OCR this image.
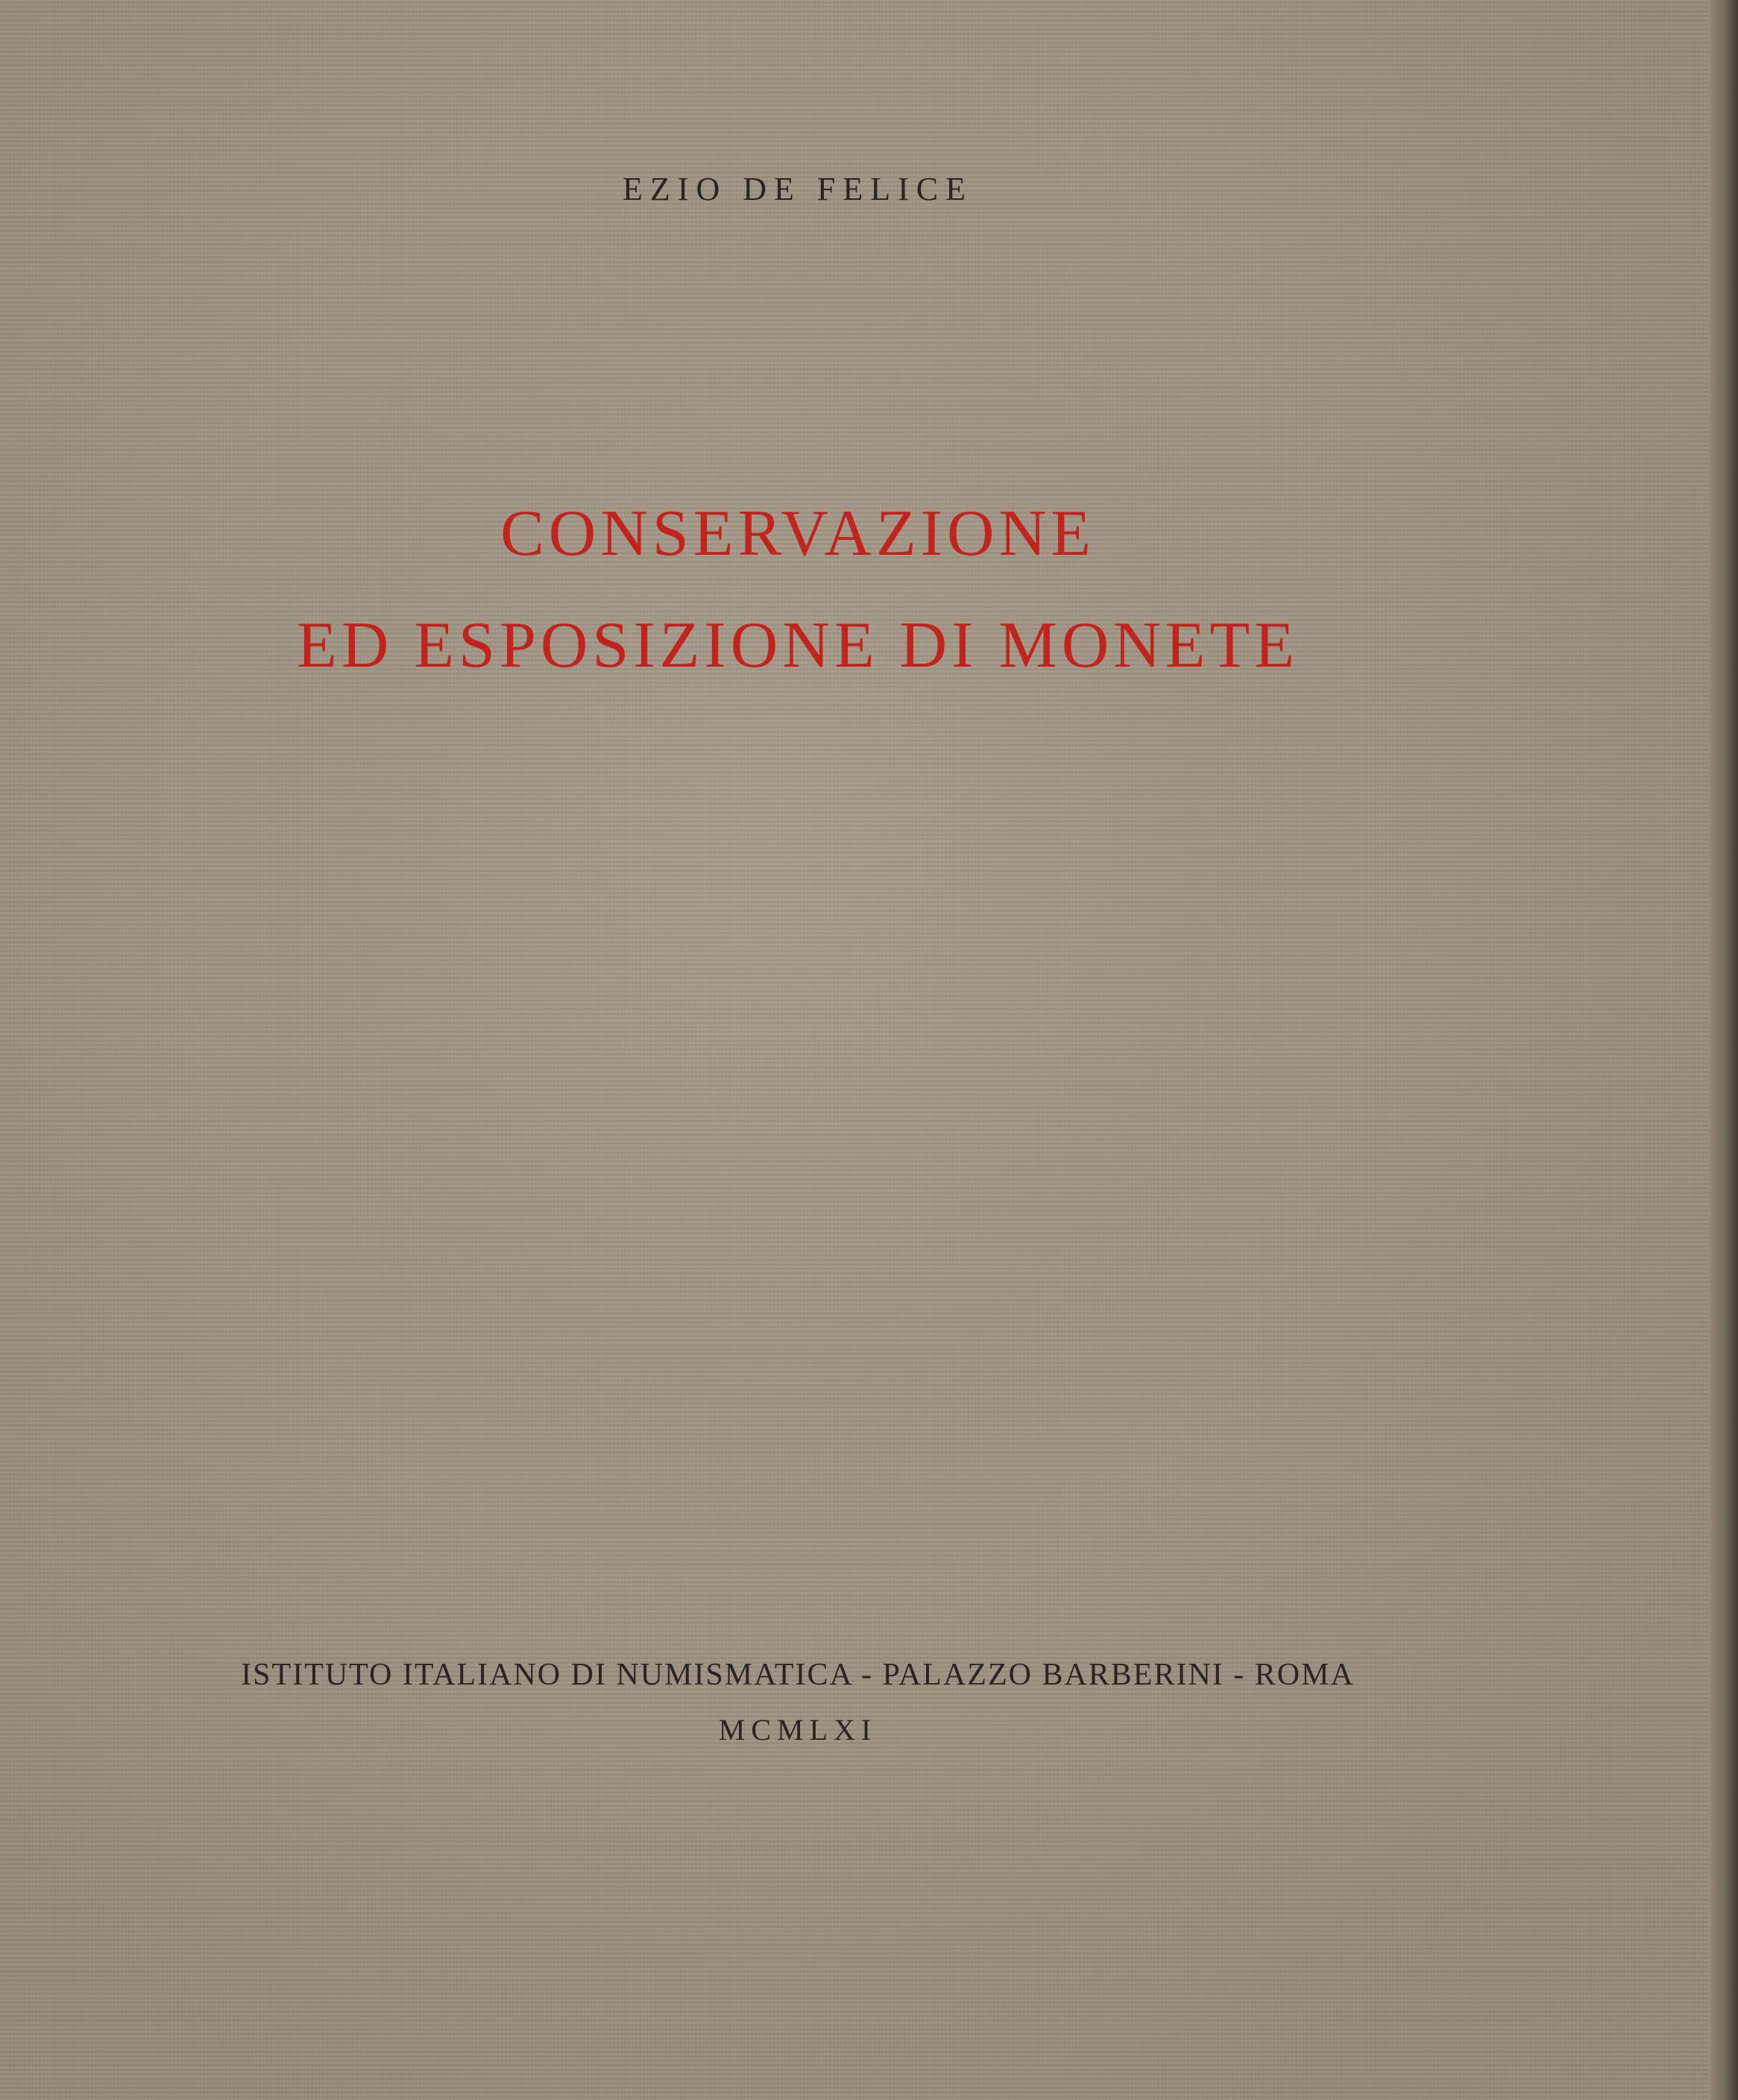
EZIO DE FELICE
CONSERVAZIONE
ED ESPOSIZIONE DI MONETE
ISTITUTO ITALIANO DI NUMISMATICA - PALAZZO BARBERINI - ROMA
MCMLXI
